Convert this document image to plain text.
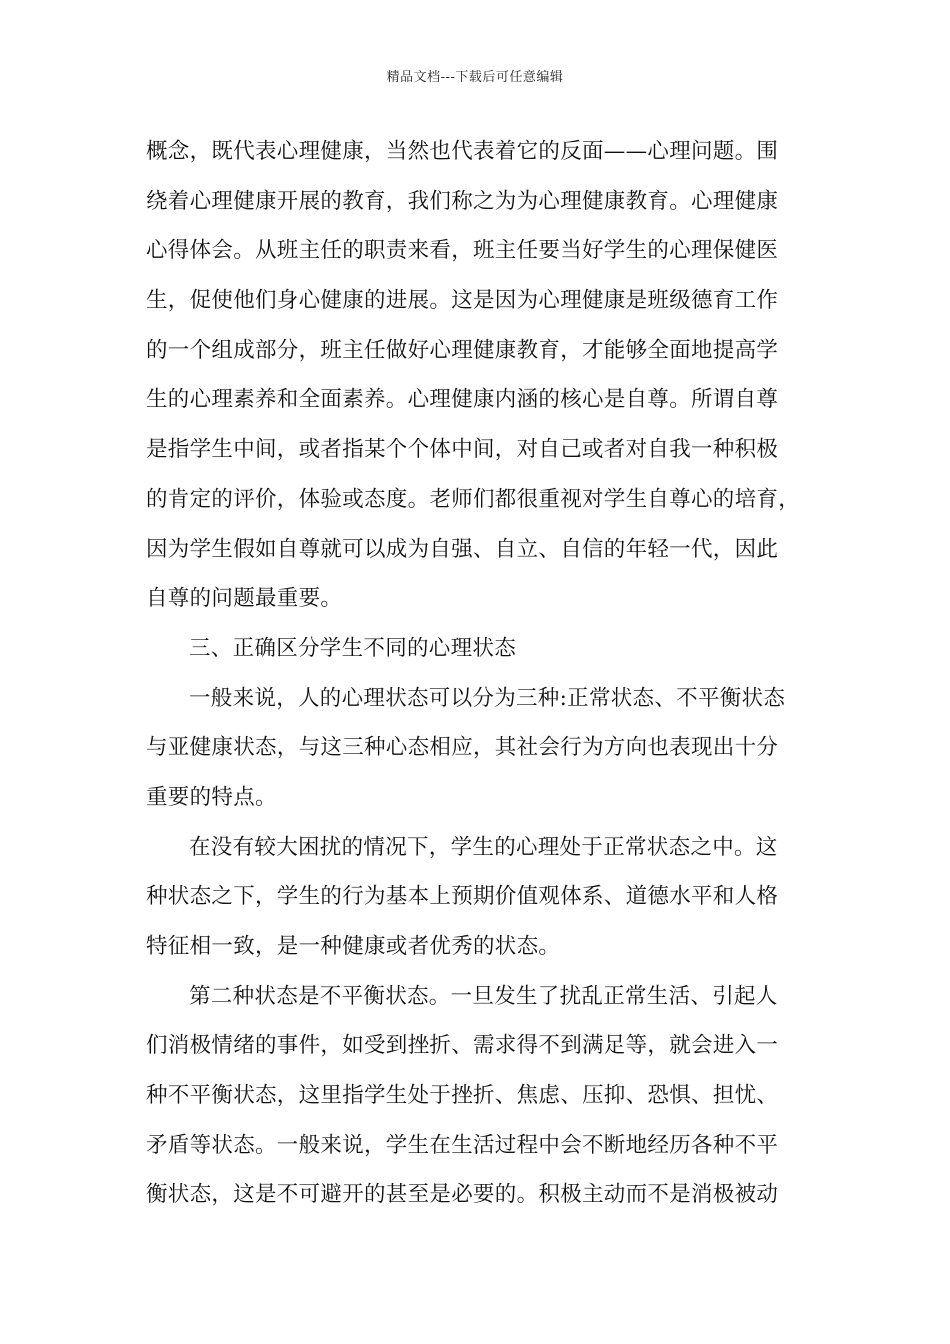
精品文档---下载后可任意编辑
概念，既代表心理健康，当然也代表着它的反面——心理问题。围
绕着心理健康开展的教育，我们称之为为心理健康教育。心理健康
心得体会。从班主任的职责来看，班主任要当好学生的心理保健医
生，促使他们身心健康的进展。这是因为心理健康是班级德育工作
的一个组成部分，班主任做好心理健康教育，才能够全面地提高学
生的心理素养和全面素养。心理健康内涵的核心是自尊。所谓自尊
是指学生中间，或者指某个个体中间，对自己或者对自我一种积极
的肯定的评价，体验或态度。老师们都很重视对学生自尊心的培育，
因为学生假如自尊就可以成为自强、自立、自信的年轻一代，因此
自尊的问题最重要。
三、正确区分学生不同的心理状态
一般来说，人的心理状态可以分为三种:正常状态、不平衡状态
与亚健康状态，与这三种心态相应，其社会行为方向也表现出十分
重要的特点。
在没有较大困扰的情况下，学生的心理处于正常状态之中。这
种状态之下，学生的行为基本上预期价值观体系、道德水平和人格
特征相一致，是一种健康或者优秀的状态。
第二种状态是不平衡状态。一旦发生了扰乱正常生活、引起人
们消极情绪的事件，如受到挫折、需求得不到满足等，就会进入一
种不平衡状态，这里指学生处于挫折、焦虑、压抑、恐惧、担忧、
矛盾等状态。一般来说，学生在生活过程中会不断地经历各种不平
衡状态，这是不可避开的甚至是必要的。积极主动而不是消极被动
